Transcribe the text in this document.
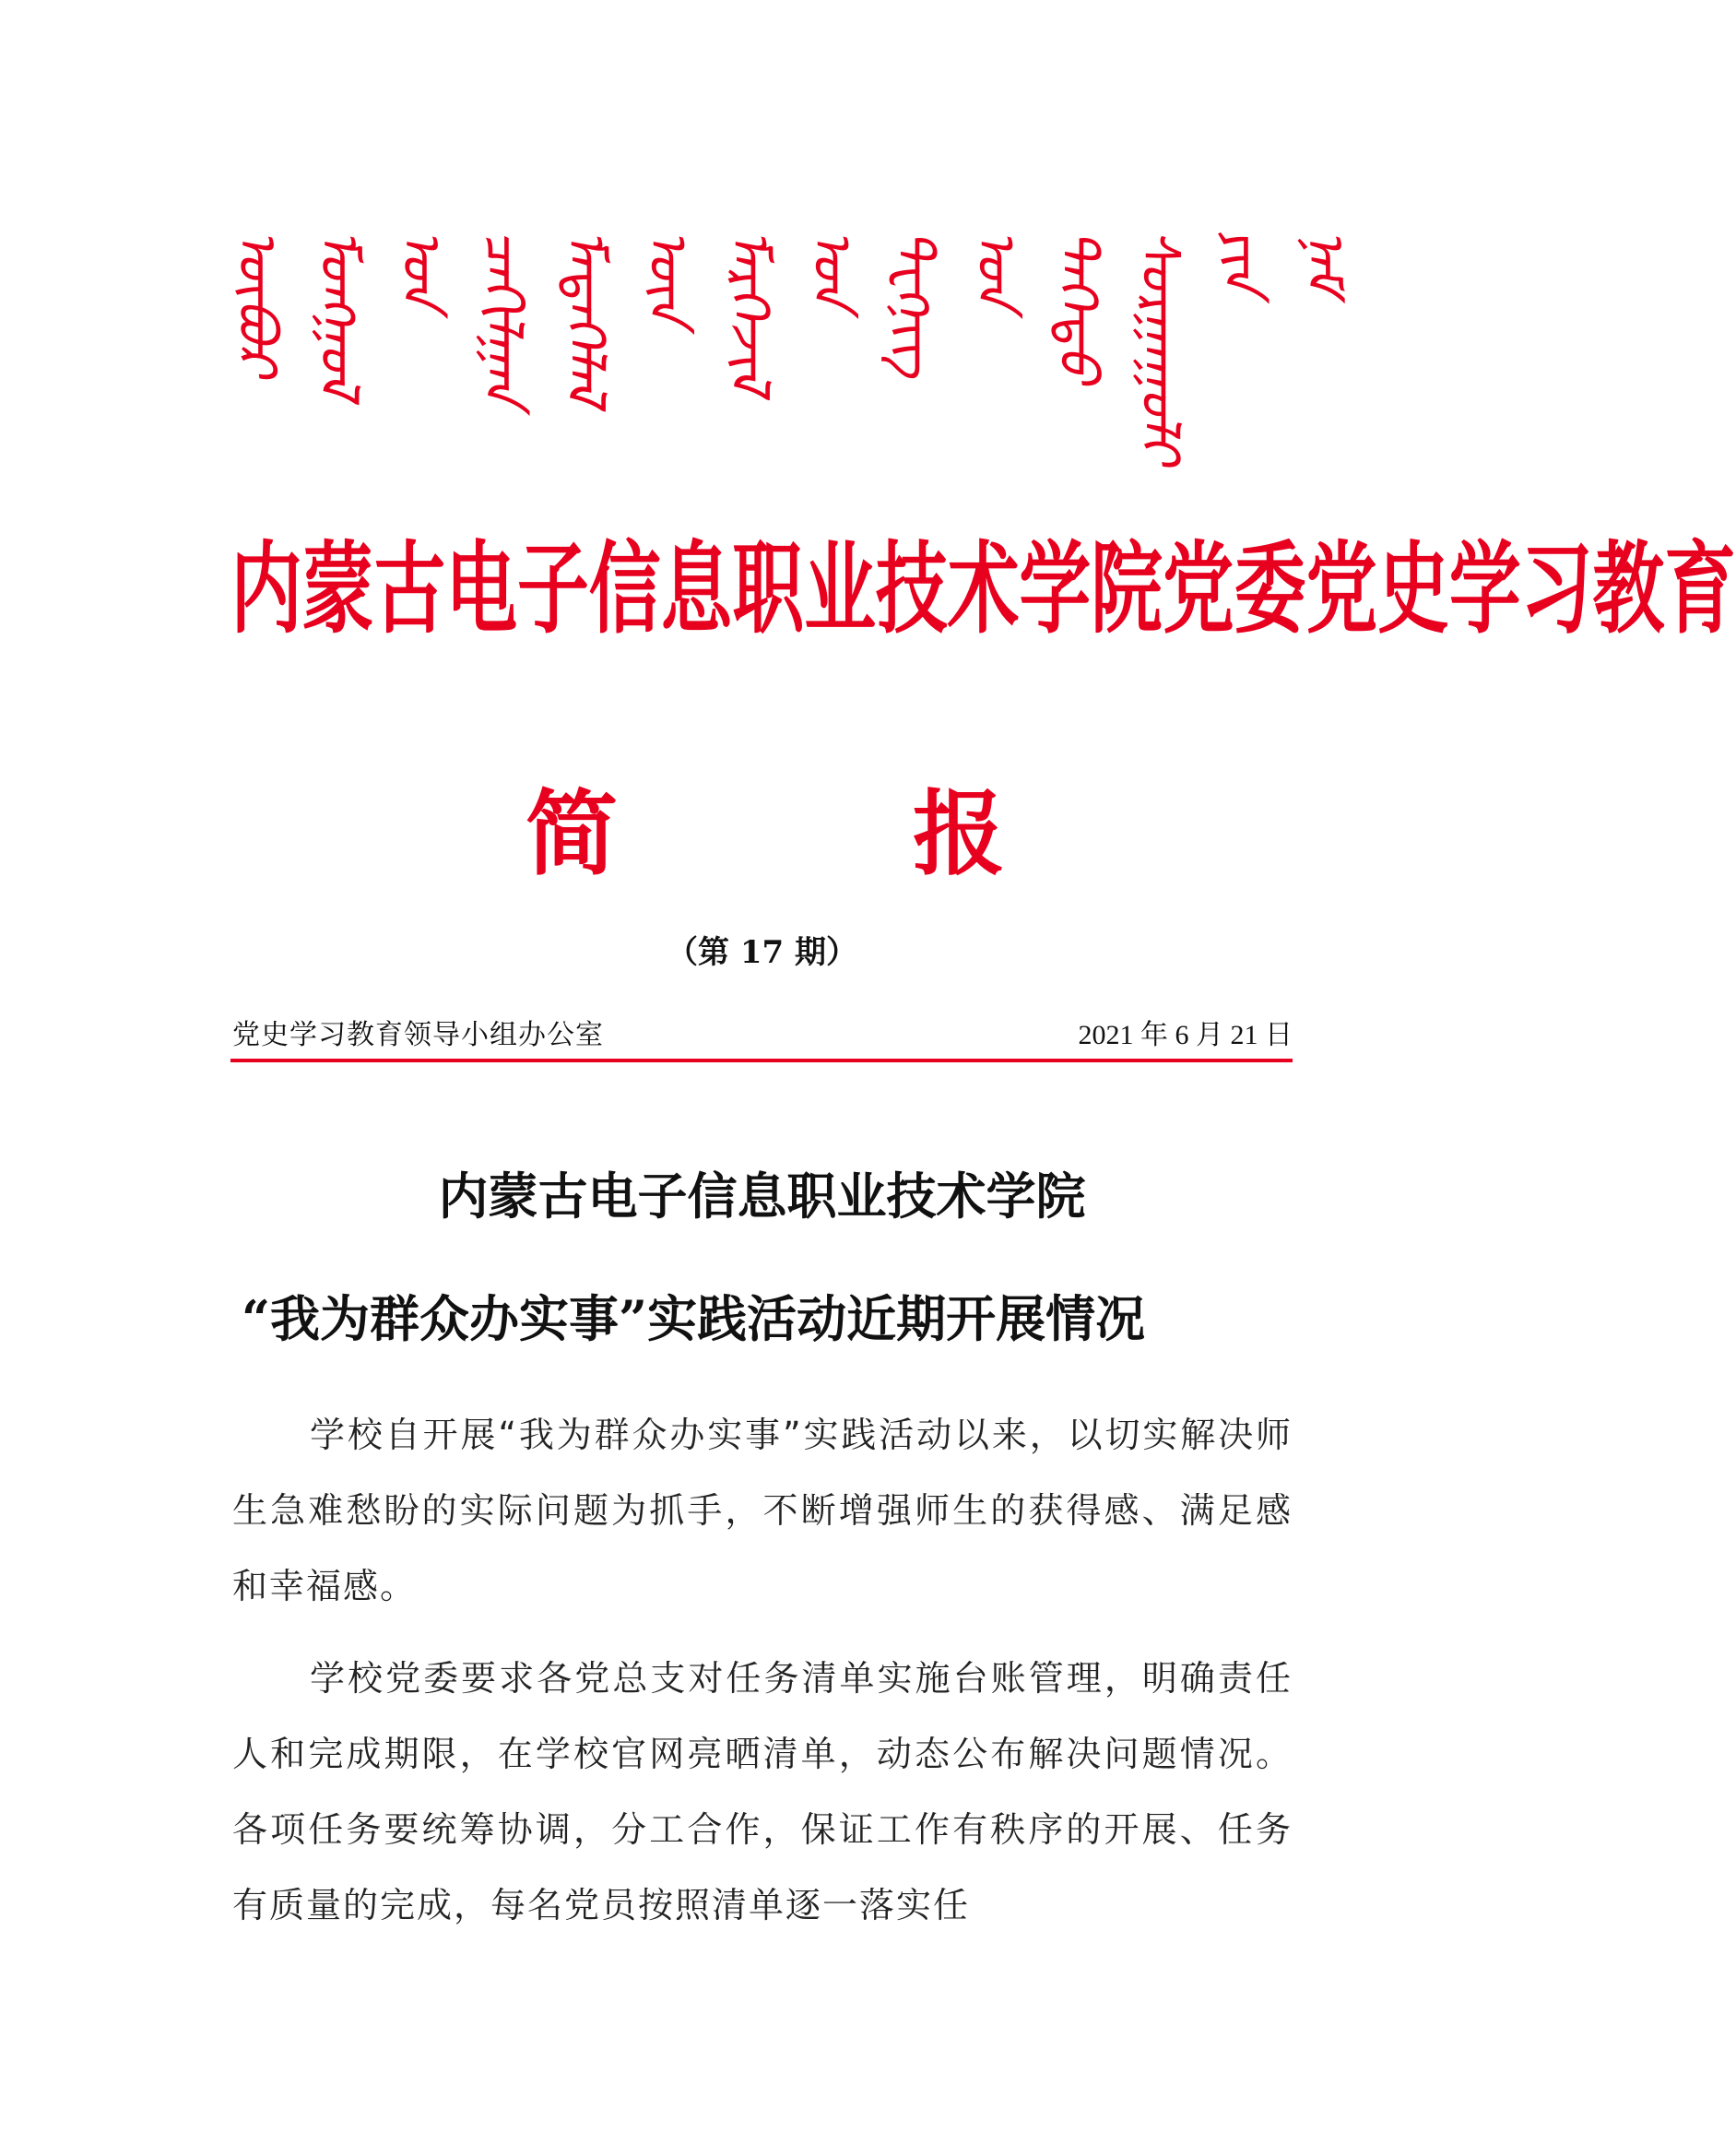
ᠥᠪᠥᠷ ᠮᠣᠩᠭᠣᠯ ᠤᠨ ᠴᠠᠬᠢᠯᠭᠠᠨ ᠮᠡᠳᠡᠭᠡᠯᠡᠯ ᠦᠨ ᠮᠡᠷᠭᠡᠵᠢᠯ ᠤᠨ ᠲᠧᠭᠨᠢᠭ ᠤᠨ ᠳᠡᠭᠡᠳᠦ ᠰᠤᠷᠭᠠᠭᠤᠯᠢ ᠶᠢᠨ ᠨᠠᠮ
内蒙古电子信息职业技术学院党委党史学习教育
简	报
（第 17 期）
党史学习教育领导小组办公室	2021 年 6 月 21 日
内蒙古电子信息职业技术学院
“我为群众办实事”实践活动近期开展情况

学校自开展“我为群众办实事”实践活动以来，以切实解决师生急难愁盼的实际问题为抓手，不断增强师生的获得感、满足感和幸福感。

学校党委要求各党总支对任务清单实施台账管理，明确责任人和完成期限，在学校官网亮晒清单，动态公布解决问题情况。各项任务要统筹协调，分工合作，保证工作有秩序的开展、任务有质量的完成，每名党员按照清单逐一落实任
